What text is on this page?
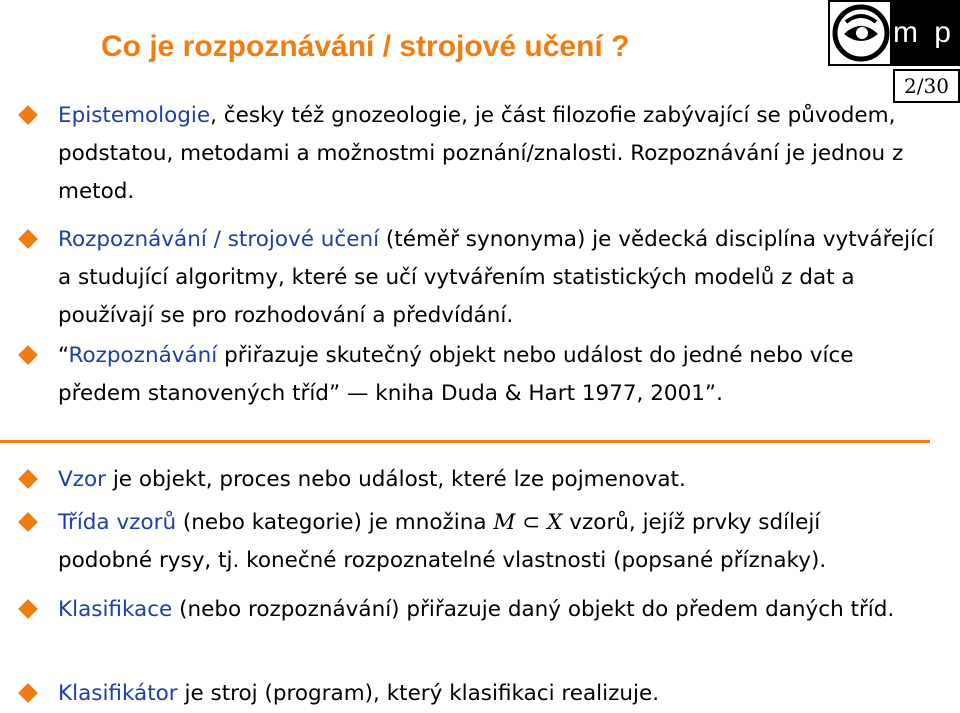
Co je rozpoznávání / strojové učení ?	m p
2/30
Epistemologie, česky též gnozeologie, je část filozofie zabývající se původem, podstatou, metodami a možnostmi poznání/znalosti. Rozpoznávání je jednou z metod.
Rozpoznávání / strojové učení (téměř synonyma) je vědecká disciplína vytvářející a studující algoritmy, které se učí vytvářením statistických modelů z dat a používají se pro rozhodování a předvídání.
“Rozpoznávání přiřazuje skutečný objekt nebo událost do jedné nebo více předem stanovených tříd” — kniha Duda & Hart 1977, 2001”.
Vzor je objekt, proces nebo událost, které lze pojmenovat.
Třída vzorů (nebo kategorie) je množina M ⊂ X vzorů, jejíž prvky sdílejí podobné rysy, tj. konečné rozpoznatelné vlastnosti (popsané příznaky).
Klasifikace (nebo rozpoznávání) přiřazuje daný objekt do předem daných tříd.
Klasifikátor je stroj (program), který klasifikaci realizuje.
